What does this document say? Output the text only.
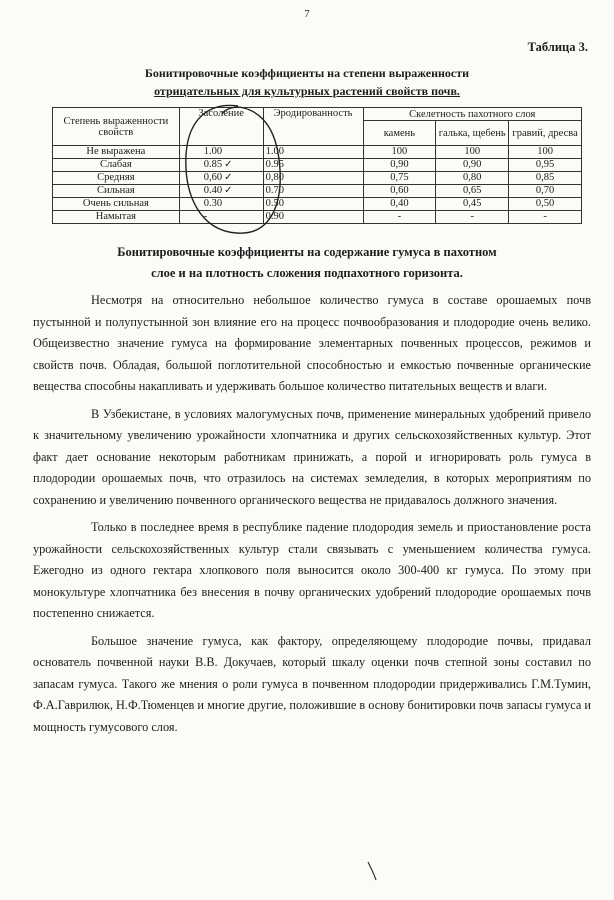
7
Таблица 3.
Бонитировочные коэффициенты на степени выраженности
отрицательных для культурных растений свойств почв.
Степень выраженности свойств	Засоление	Эродированность	Скелетность пахотного слоя		
			камень	галька, щебень	гравий, дресва
Не выражена	1.00	1.00	100	100	100
Слабая	0.85 ✓	0.95	0,90	0,90	0,95
Средняя	0,60 ✓	0,80	0,75	0,80	0,85
Сильная	0.40 ✓	0.70	0,60	0,65	0,70
Очень сильная	0.30	0.50	0,40	0,45	0,50
Намытая	-	0.90	-	-	-
Бонитировочные коэффициенты на содержание гумуса в пахотном
слое и на плотность сложения подпахотного горизонта.

Несмотря на относительно небольшое количество гумуса в составе орошаемых почв пустынной и полупустынной зон влияние его на процесс почвообразования и плодородие очень велико. Общеизвестно значение гумуса на формирование элементарных почвенных процессов, режимов и свойств почв. Обладая, большой поглотительной способностью и емкостью почвенные органические вещества способны накапливать и удерживать большое количество питательных веществ и влаги.

В Узбекистане, в условиях малогумусных почв, применение минеральных удобрений привело к значительному увеличению урожайности хлопчатника и других сельскохозяйственных культур. Этот факт дает основание некоторым работникам принижать, а порой и игнорировать роль гумуса в плодородии орошаемых почв, что отразилось на системах земледелия, в которых мероприятиям по сохранению и увеличению почвенного органического вещества не придавалось должного значения.

Только в последнее время в республике падение плодородия земель и приостановление роста урожайности сельскохозяйственных культур стали связывать с уменьшением количества гумуса. Ежегодно из одного гектара хлопкового поля выносится около 300-400 кг гумуса. По этому при монокультуре хлопчатника без внесения в почву органических удобрений плодородие орошаемых почв постепенно снижается.

Большое значение гумуса, как фактору, определяющему плодородие почвы, придавал основатель почвенной науки В.В. Докучаев, который шкалу оценки почв степной зоны составил по запасам гумуса. Такого же мнения о роли гумуса в почвенном плодородии придерживались Г.М.Тумин, Ф.А.Гаврилюк, Н.Ф.Тюменцев и многие другие, положившие в основу бонитировки почв запасы гумуса и мощность гумусового слоя.
